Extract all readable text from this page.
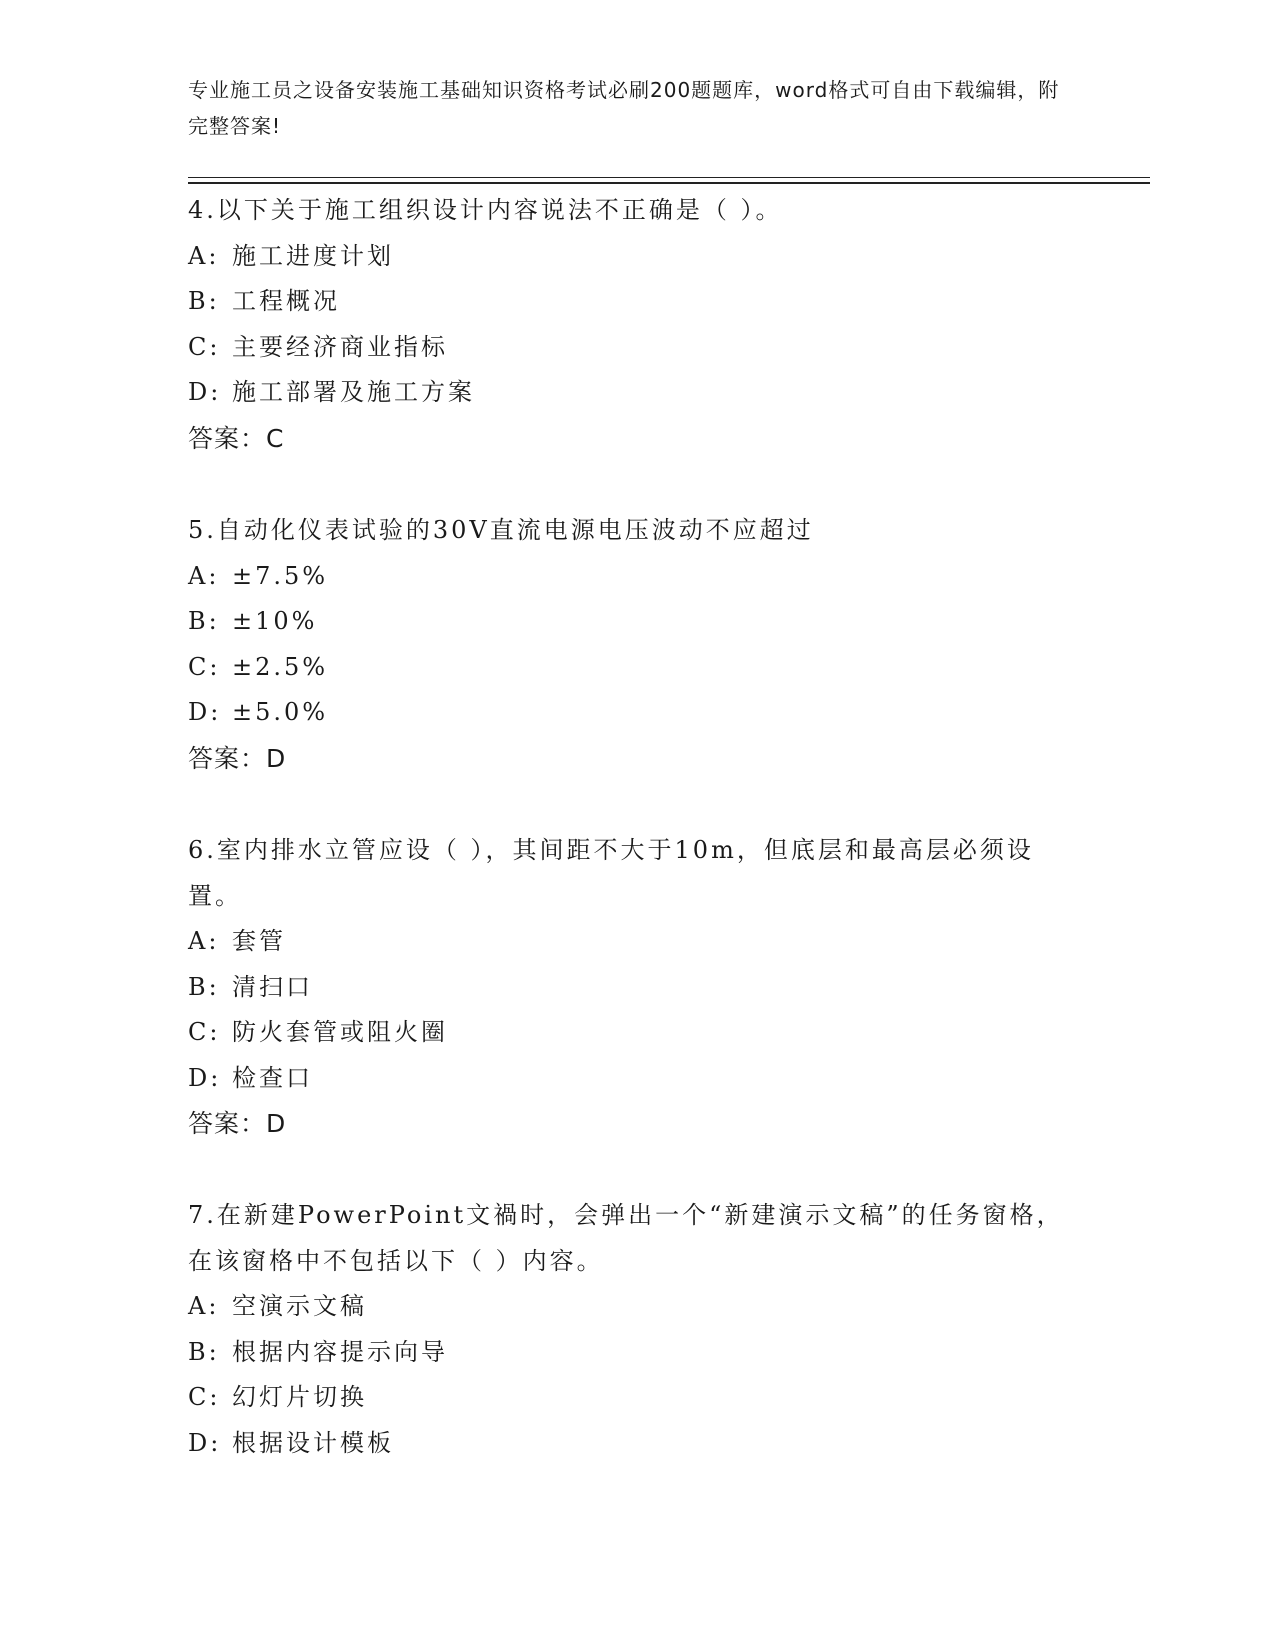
专业施工员之设备安装施工基础知识资格考试必刷200题题库，word格式可自由下载编辑，附完整答案!
4.以下关于施工组织设计内容说法不正确是（ ）。
A: 施工进度计划
B: 工程概况
C: 主要经济商业指标
D: 施工部署及施工方案
答案：C
5.自动化仪表试验的30V直流电源电压波动不应超过
A: ±7.5%
B: ±10%
C: ±2.5%
D: ±5.0%
答案：D
6.室内排水立管应设（ ），其间距不大于10m，但底层和最高层必须设置。
A: 套管
B: 清扫口
C: 防火套管或阻火圈
D: 检查口
答案：D
7.在新建PowerPoint文禍时，会弹出一个“新建演示文稿”的任务窗格，在该窗格中不包括以下（ ）内容。
A: 空演示文稿
B: 根据内容提示向导
C: 幻灯片切换
D: 根据设计模板
